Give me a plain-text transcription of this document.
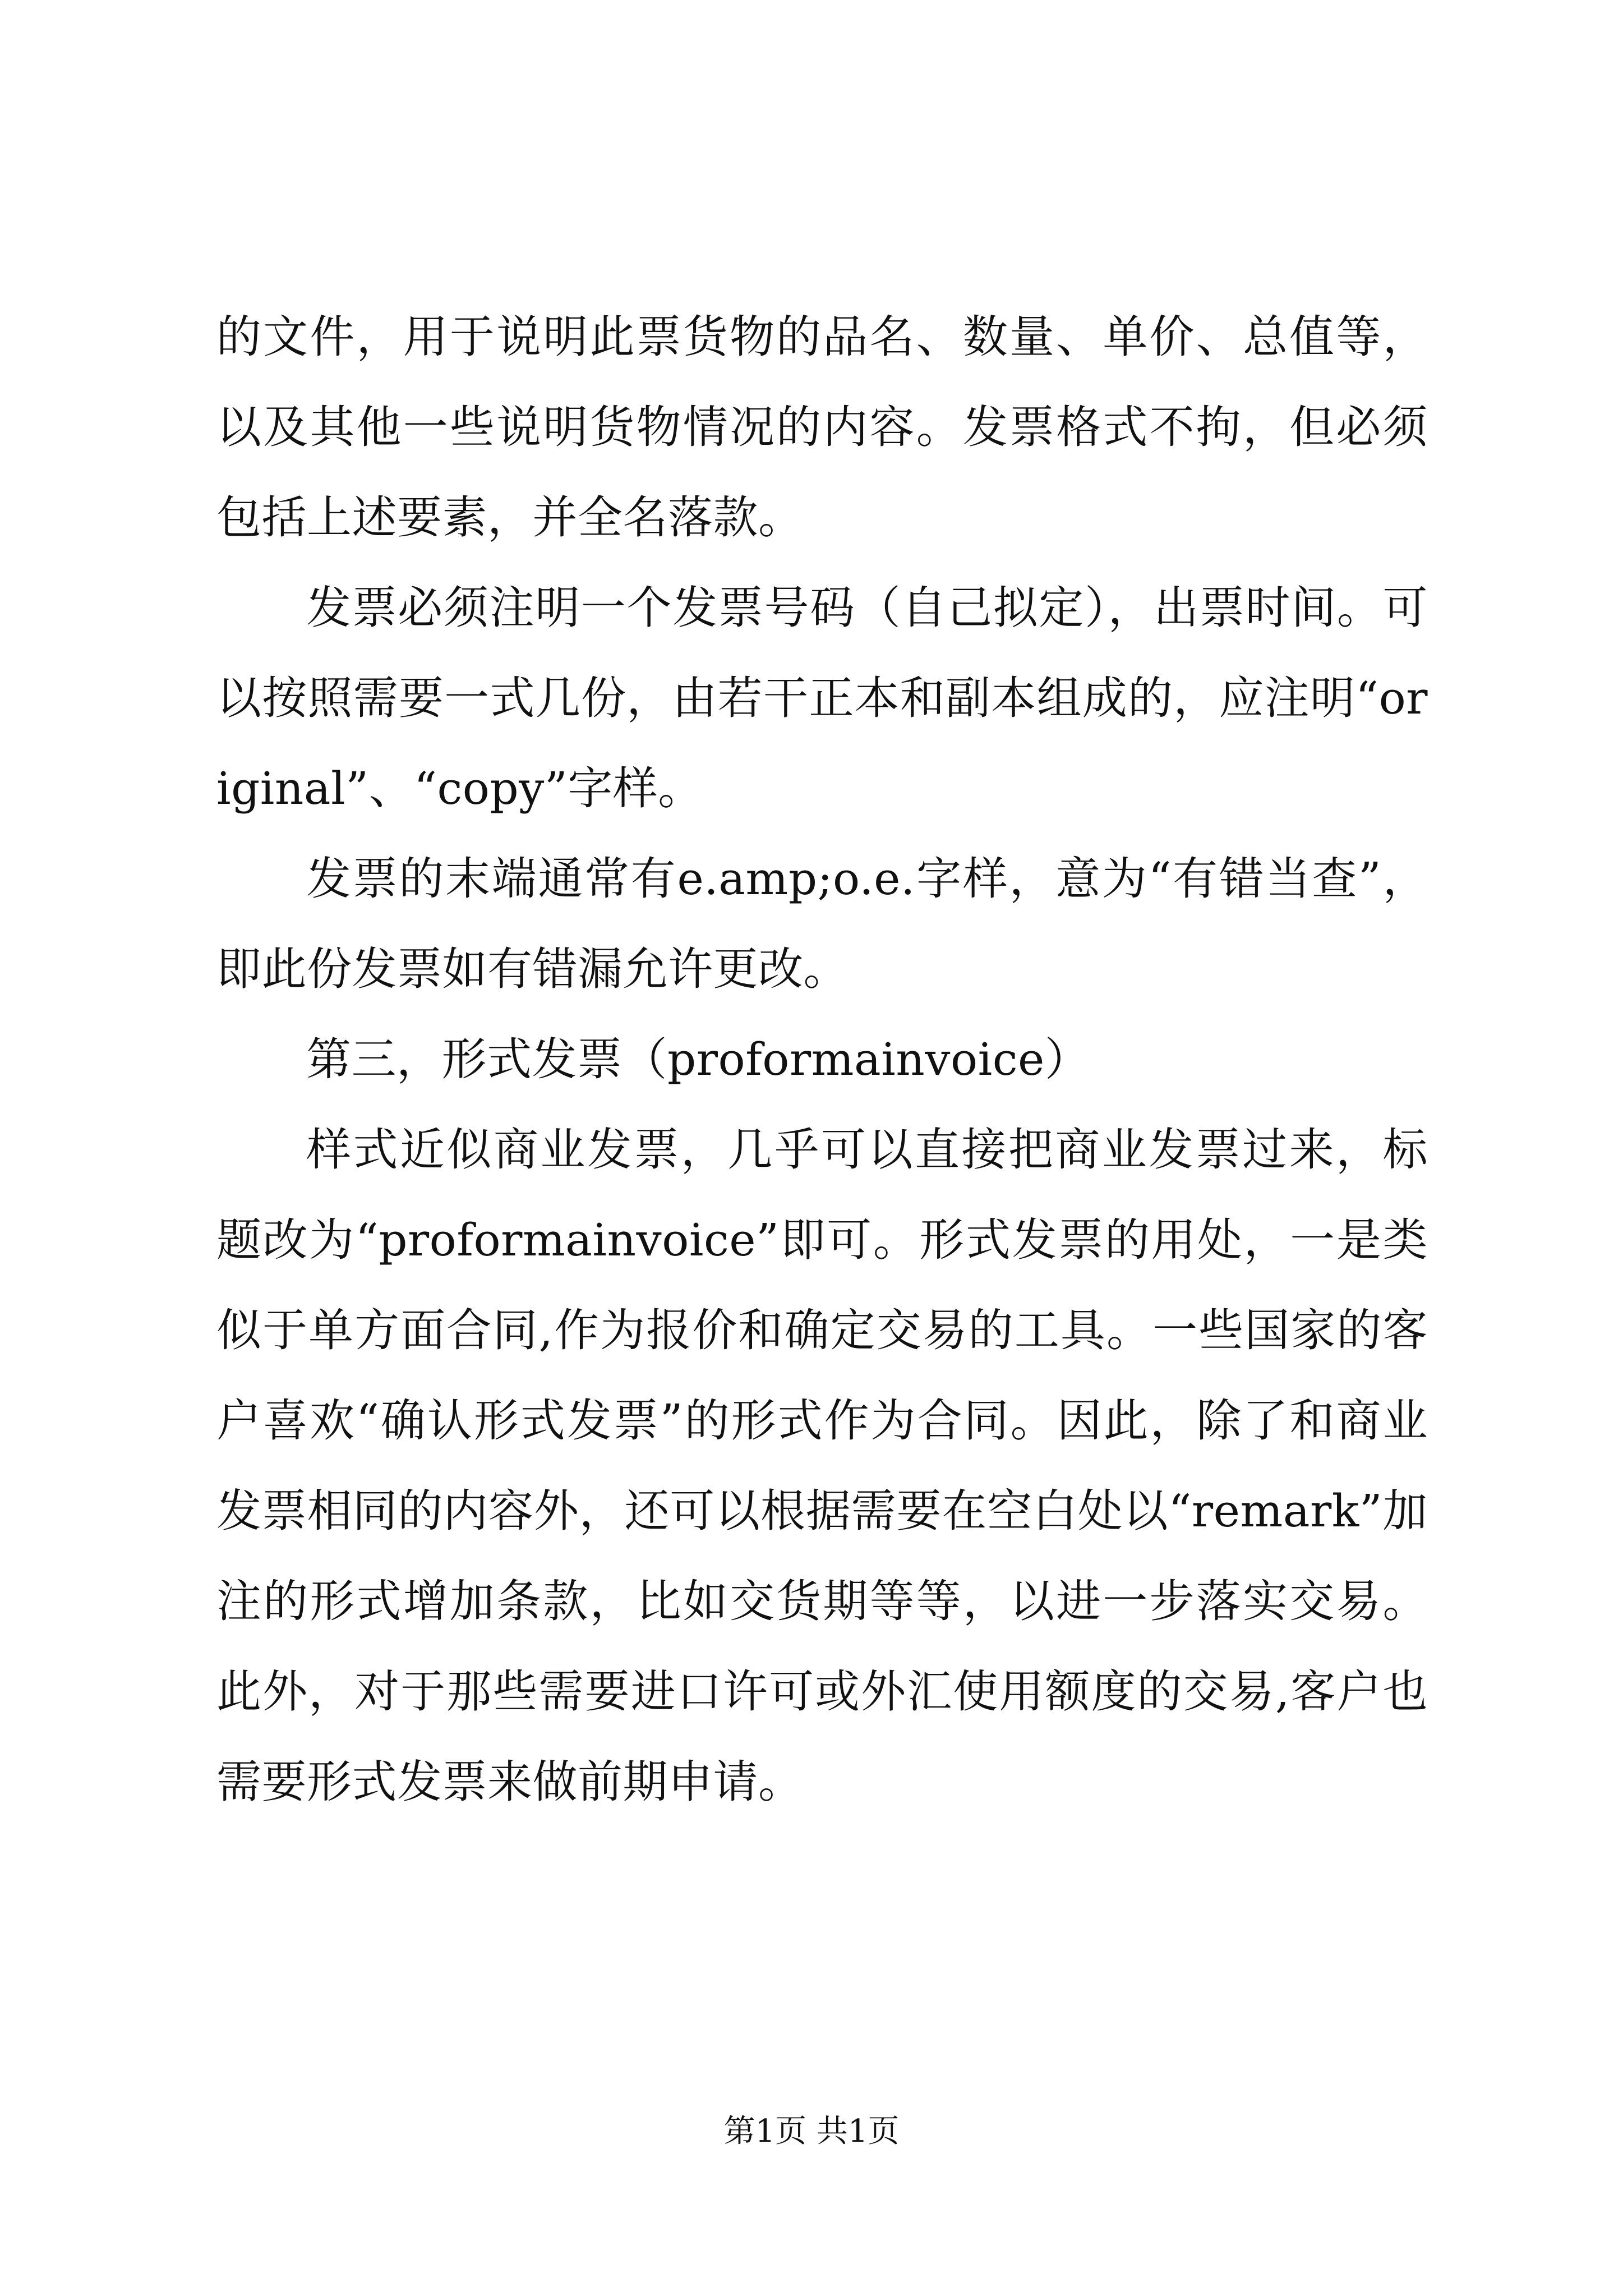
的文件，用于说明此票货物的品名、数量、单价、总值等，以及其他一些说明货物情况的内容。发票格式不拘，但必须包括上述要素，并全名落款。

发票必须注明一个发票号码（自己拟定），出票时间。可以按照需要一式几份，由若干正本和副本组成的，应注明“original”、“copy”字样。

发票的末端通常有e.amp;o.e.字样，意为“有错当查”，即此份发票如有错漏允许更改。

第三，形式发票（proformainvoice）

样式近似商业发票，几乎可以直接把商业发票过来，标题改为“proformainvoice”即可。形式发票的用处，一是类似于单方面合同,作为报价和确定交易的工具。一些国家的客户喜欢“确认形式发票”的形式作为合同。因此，除了和商业发票相同的内容外，还可以根据需要在空白处以“remark”加注的形式增加条款，比如交货期等等，以进一步落实交易。此外，对于那些需要进口许可或外汇使用额度的交易,客户也需要形式发票来做前期申请。

第1页 共1页
